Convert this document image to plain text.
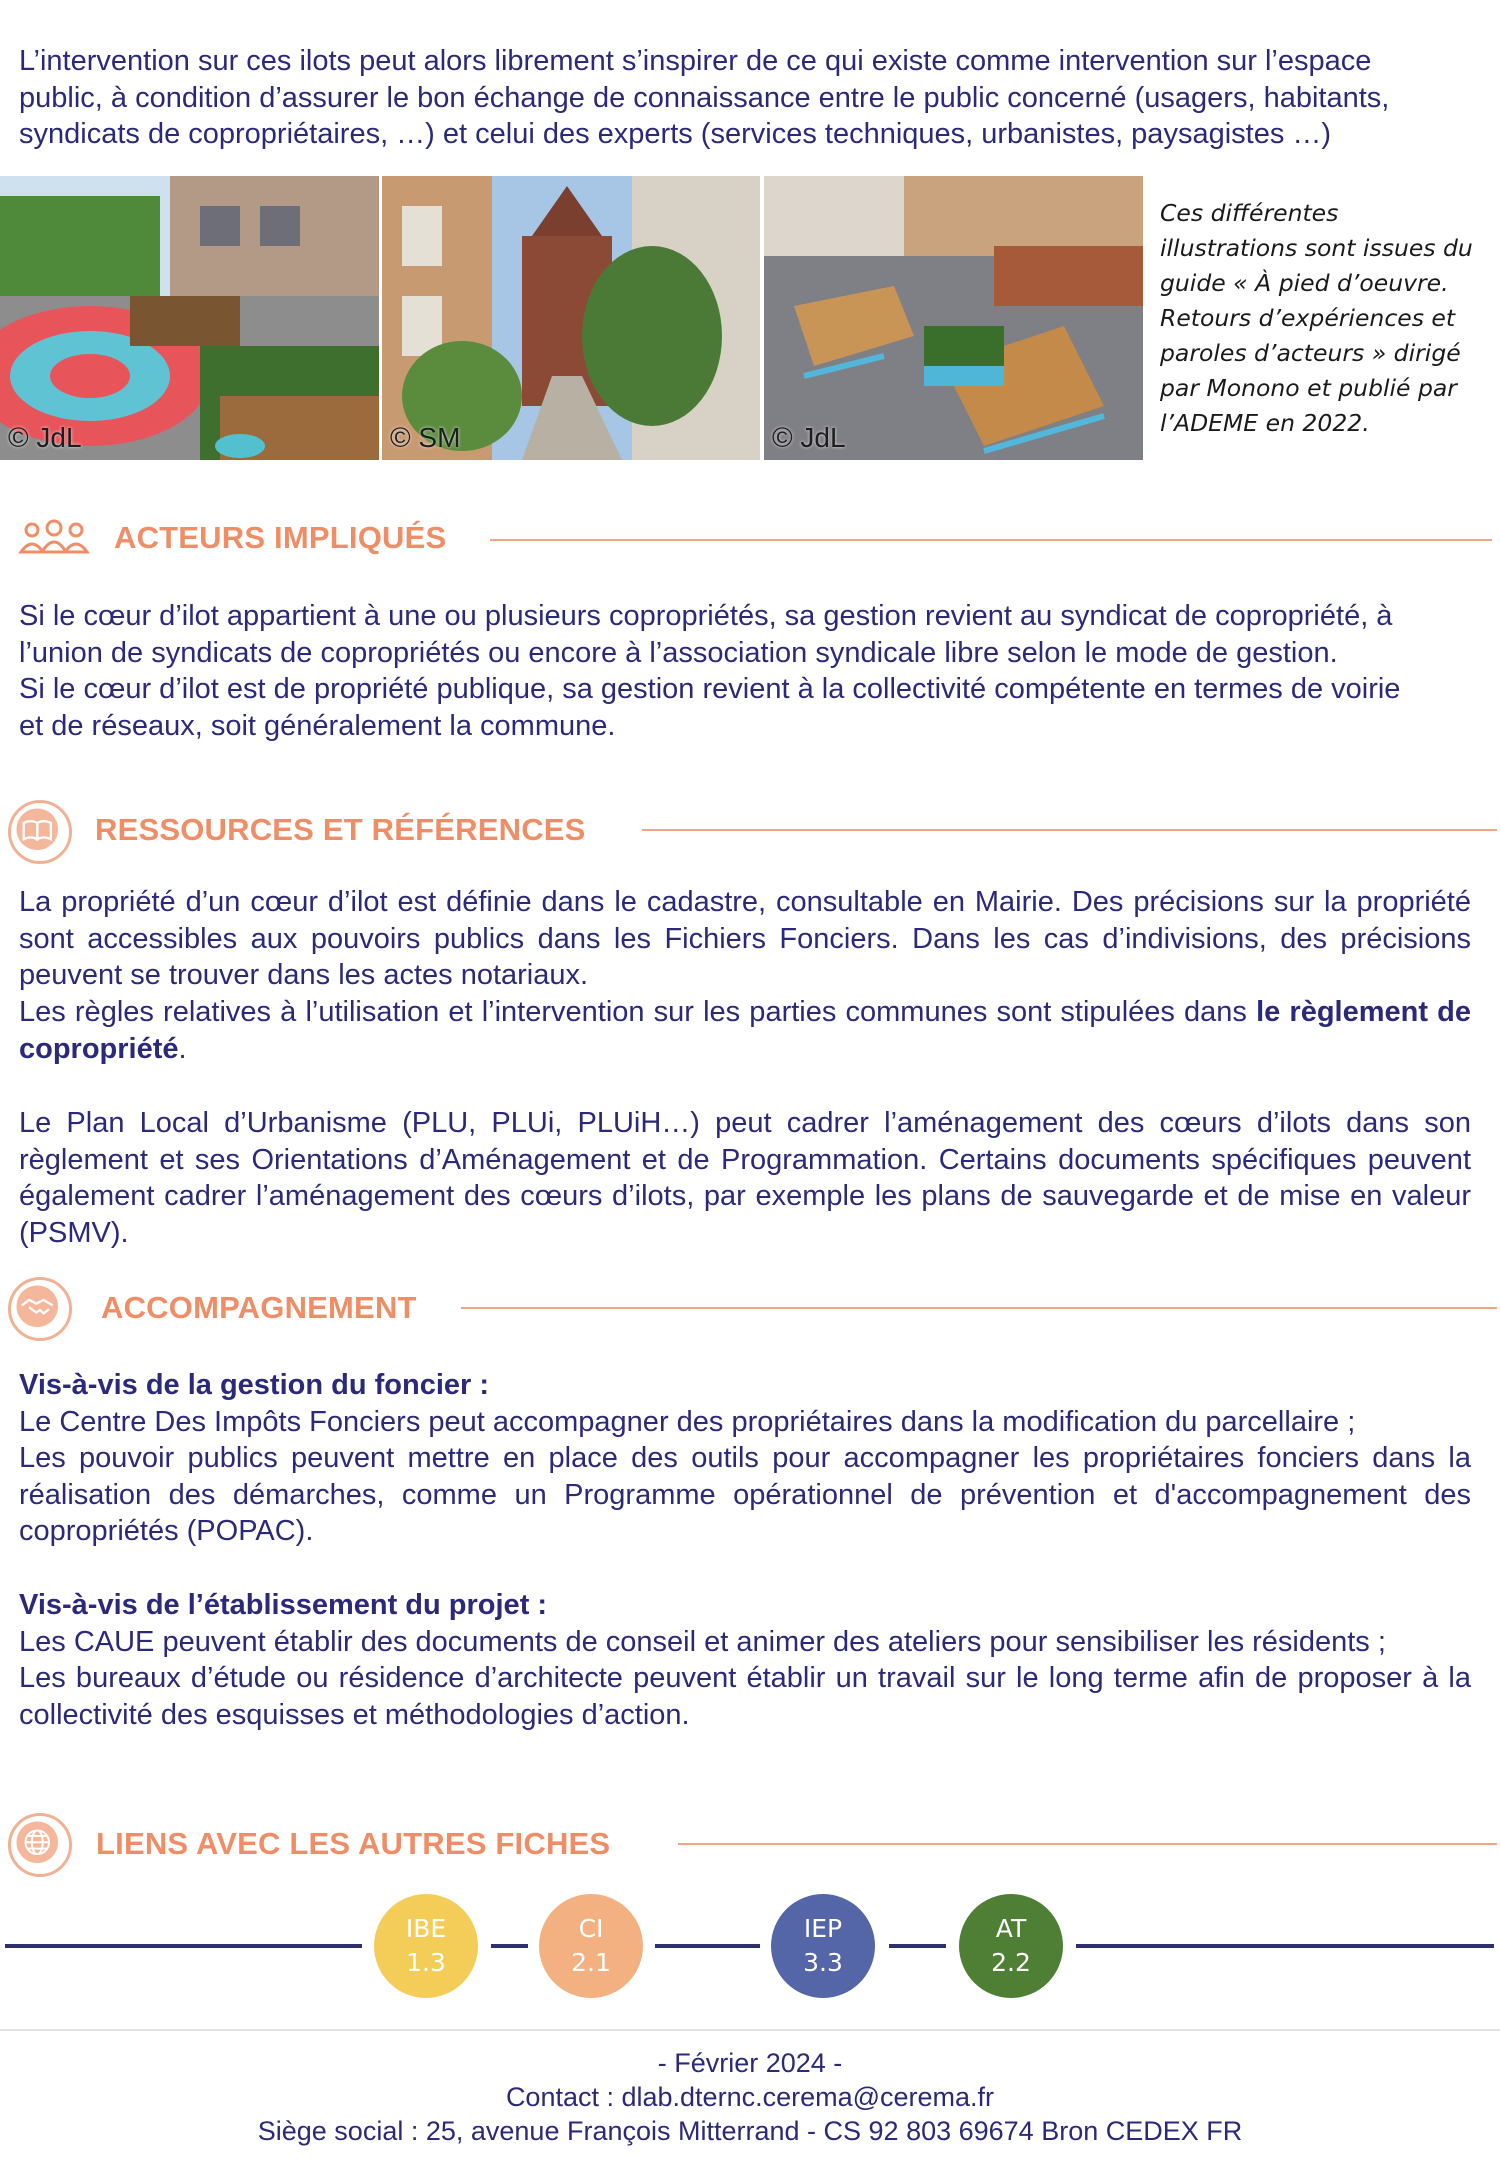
L’intervention sur ces ilots peut alors librement s’inspirer de ce qui existe comme intervention sur l’espace
public, à condition d’assurer le bon échange de connaissance entre le public concerné (usagers, habitants,
syndicats de copropriétaires, …) et celui des experts (services techniques, urbanistes, paysagistes …)
© JdL	© SM	© JdL
Ces différentes
illustrations sont issues du
guide « À pied d’oeuvre.
Retours d’expériences et
paroles d’acteurs » dirigé
par Monono et publié par
l’ADEME en 2022.
ACTEURS IMPLIQUÉS
Si le cœur d’ilot appartient à une ou plusieurs copropriétés, sa gestion revient au syndicat de copropriété, à
l’union de syndicats de copropriétés ou encore à l’association syndicale libre selon le mode de gestion.
Si le cœur d’ilot est de propriété publique, sa gestion revient à la collectivité compétente en termes de voirie
et de réseaux, soit généralement la commune.
RESSOURCES ET RÉFÉRENCES
La propriété d’un cœur d’ilot est définie dans le cadastre, consultable en Mairie. Des précisions sur la propriété sont accessibles aux pouvoirs publics dans les Fichiers Fonciers. Dans les cas d’indivisions, des précisions peuvent se trouver dans les actes notariaux.
Les règles relatives à l’utilisation et l’intervention sur les parties communes sont stipulées dans le règlement de copropriété.
Le Plan Local d’Urbanisme (PLU, PLUi, PLUiH…) peut cadrer l’aménagement des cœurs d’ilots dans son règlement et ses Orientations d’Aménagement et de Programmation. Certains documents spécifiques peuvent également cadrer l’aménagement des cœurs d’ilots, par exemple les plans de sauvegarde et de mise en valeur (PSMV).
ACCOMPAGNEMENT
Vis-à-vis de la gestion du foncier :
Le Centre Des Impôts Fonciers peut accompagner des propriétaires dans la modification du parcellaire ;
Les pouvoir publics peuvent mettre en place des outils pour accompagner les propriétaires fonciers dans la réalisation des démarches, comme un Programme opérationnel de prévention et d'accompagnement des copropriétés (POPAC).
Vis-à-vis de l’établissement du projet :
Les CAUE peuvent établir des documents de conseil et animer des ateliers pour sensibiliser les résidents ;
Les bureaux d’étude ou résidence d’architecte peuvent établir un travail sur le long terme afin de proposer à la collectivité des esquisses et méthodologies d’action.
LIENS AVEC LES AUTRES FICHES
IBE
1.3
CI
2.1
IEP
3.3
AT
2.2
- Février 2024 -
Contact : dlab.dternc.cerema@cerema.fr
Siège social : 25, avenue François Mitterrand - CS 92 803 69674 Bron CEDEX FR
